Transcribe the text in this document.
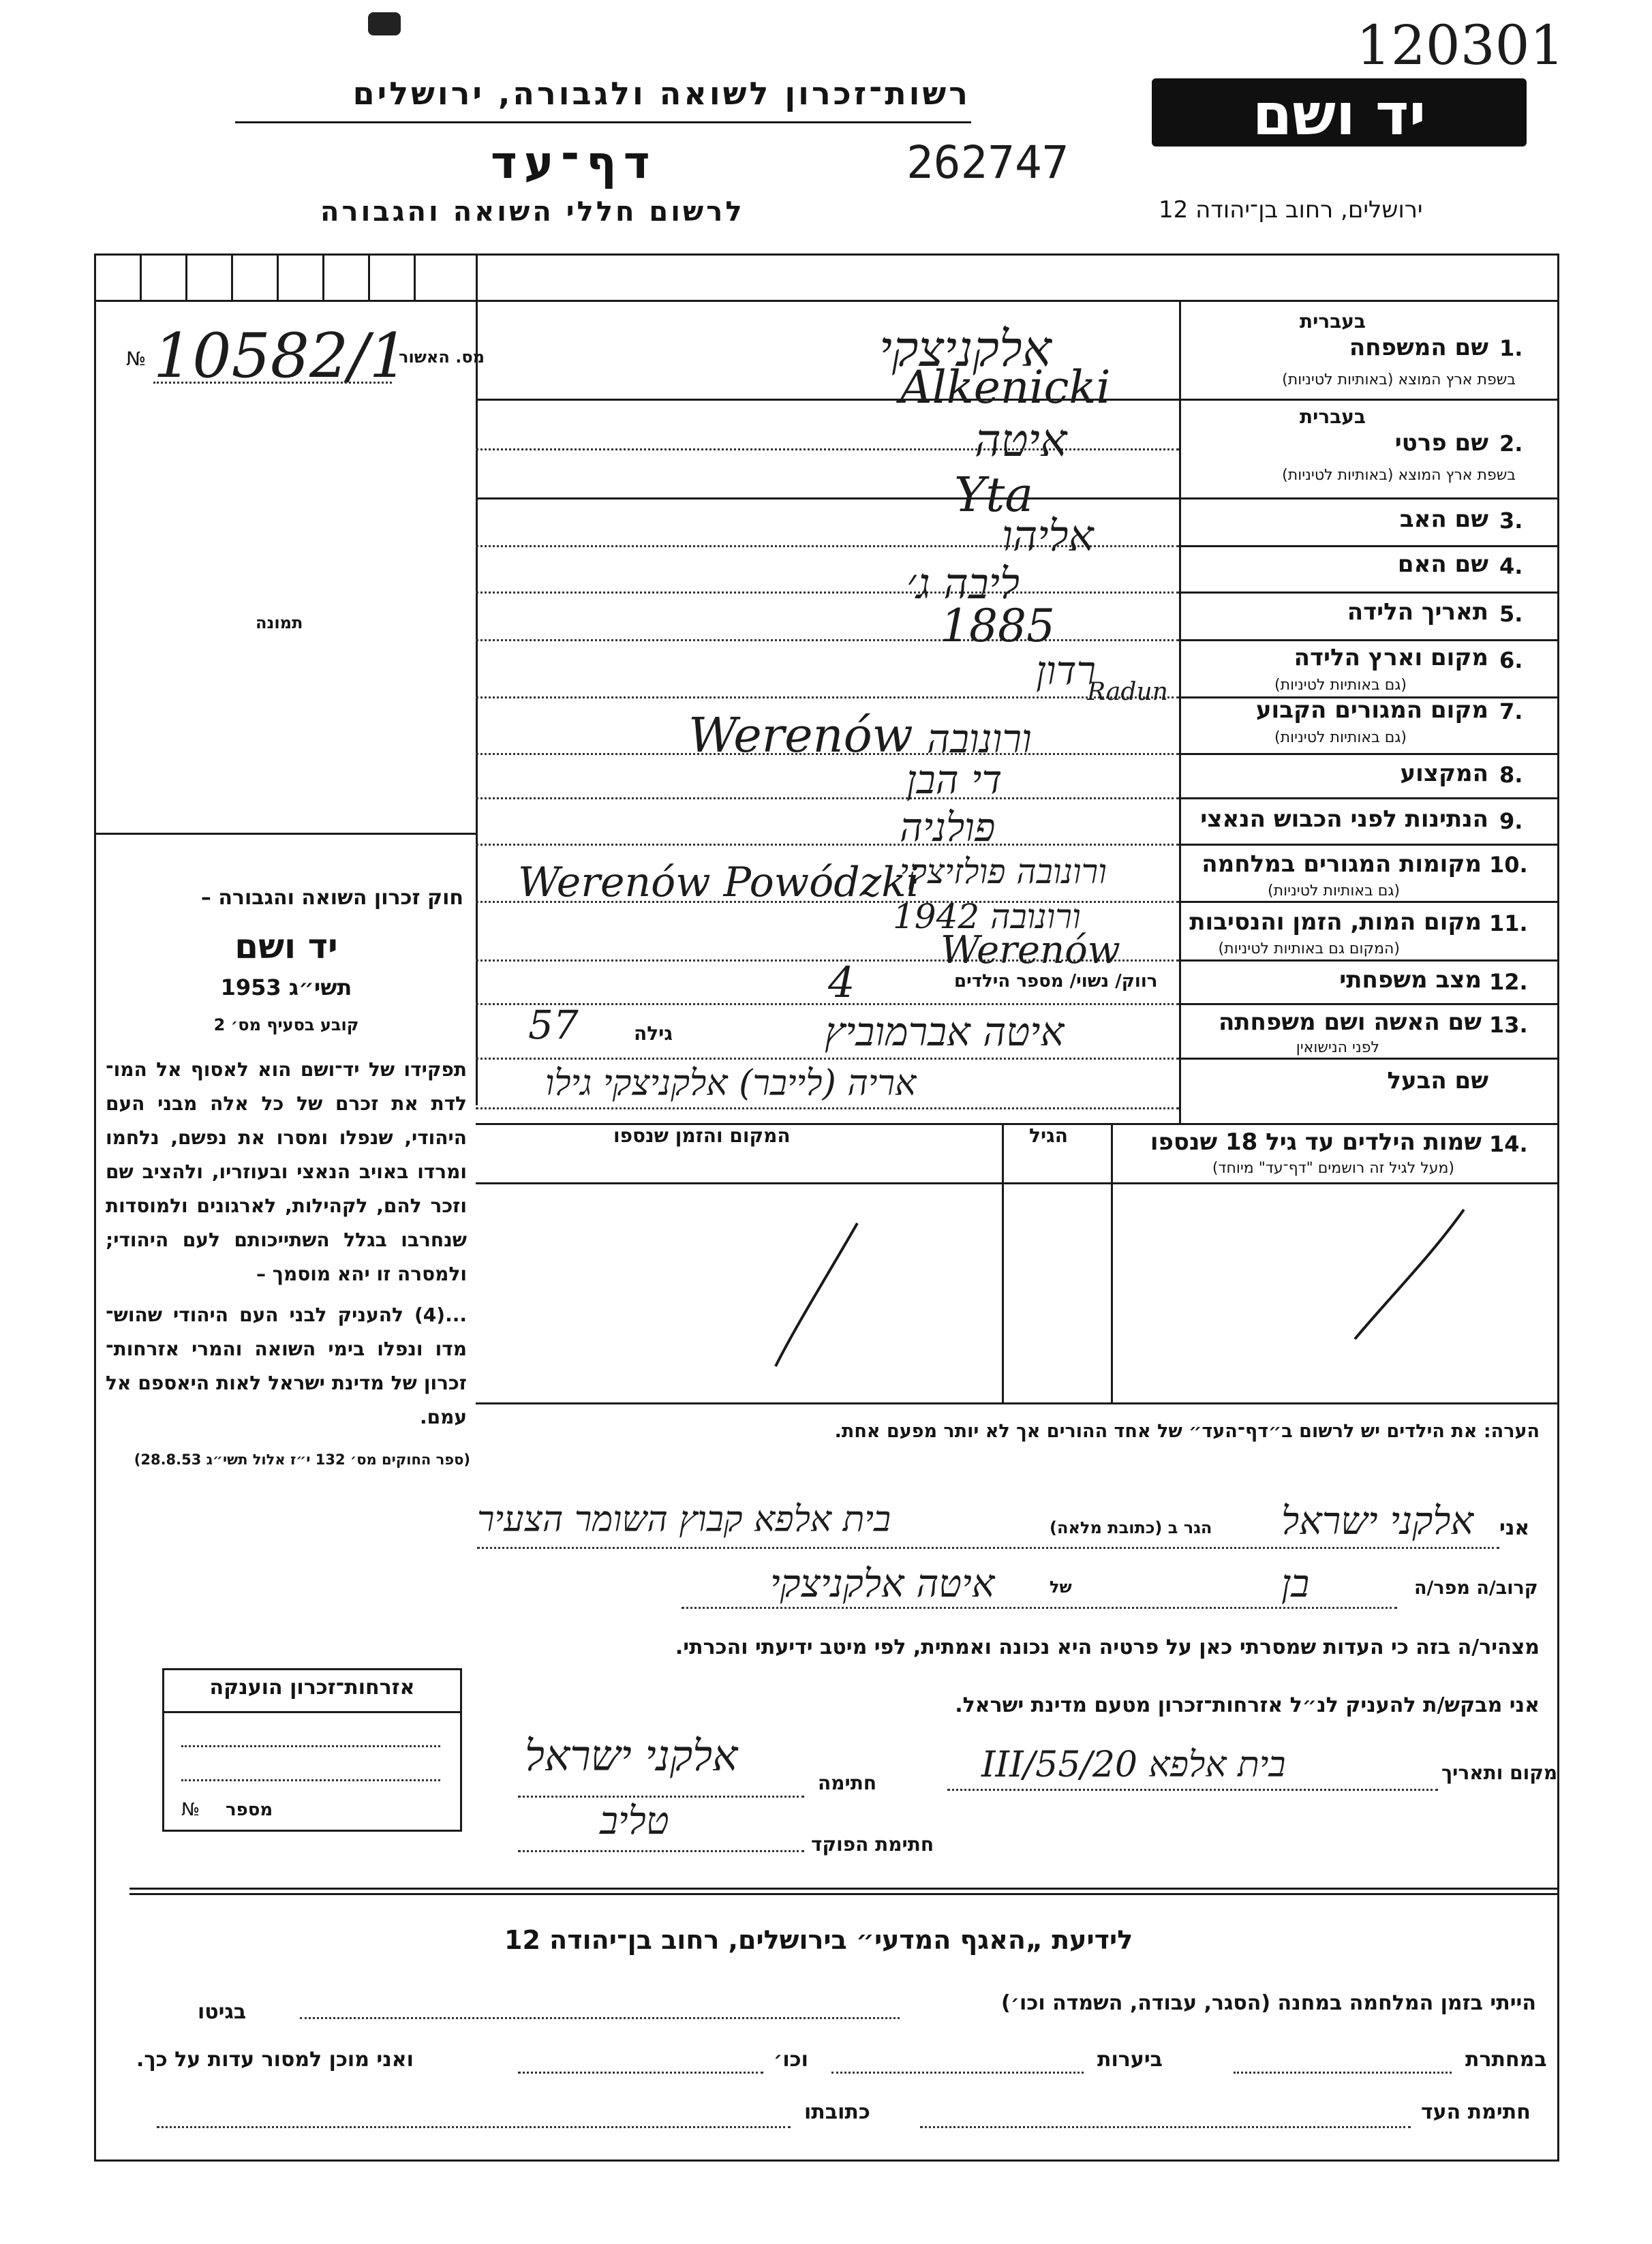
120301
יד ושם
רשות־זכרון לשואה ולגבורה, ירושלים
דף־עד	262747
לרשום חללי השואה והגבורה	ירושלים, רחוב בן־יהודה 12
מס. האשור
№ 10582/1
תמונה
חוק זכרון השואה והגבורה –
יד ושם
תשי״ג 1953
קובע בסעיף מס׳ 2
תפקידו של יד־ושם הוא לאסוף אל המו־ לדת את זכרם של כל אלה מבני העם היהודי, שנפלו ומסרו את נפשם, נלחמו ומרדו באויב הנאצי ובעוזריו, ולהציב שם וזכר להם, לקהילות, לארגונים ולמוסדות שנחרבו בגלל השתייכותם לעם היהודי; ולמסרה זו יהא מוסמך –
...(4) להעניק לבני העם היהודי שהוש־ מדו ונפלו בימי השואה והמרי אזרחות־ זכרון של מדינת ישראל לאות היאספם אל עמם.
(ספר החוקים מס׳ 132 י״ז אלול תשי״ג 28.8.53)
1.
שם המשפחה
בשפת ארץ המוצא (באותיות לטיניות)
בעברית
בעברית
2.
שם פרטי
בשפת ארץ המוצא (באותיות לטיניות)
3.
שם האב
4.
שם האם
5.
תאריך הלידה
6.
מקום וארץ הלידה
(גם באותיות לטיניות)
7.
מקום המגורים הקבוע
(גם באותיות לטיניות)
8.
המקצוע
9.
הנתינות לפני הכבוש הנאצי
10.
מקומות המגורים במלחמה
(גם באותיות לטיניות)
11.
מקום המות, הזמן והנסיבות
(המקום גם באותיות לטיניות)
12.
מצב משפחתי
13.
שם האשה ושם משפחתה
לפני הנישואין
שם הבעל
אלקניצקי
Alkenicki
איטה
Yta
אליהו
ליבה ג׳
1885
רדון
Radun
Werenów ורונובה
די הבן
פולניה
Werenów Powódzki
ורונובה פולזיצקי
ורונובה 1942
Werenów
רווק/ נשוי/ מספר הילדים
4
איטה אברמוביץ
גילה
57
אריה (לייבר) אלקניצקי גילו
14.
שמות הילדים עד גיל 18 שנספו
(מעל לגיל זה רושמים "דף־עד" מיוחד)
הגיל
המקום והזמן שנספו
הערה: את הילדים יש לרשום ב״דף־העד״ של אחד ההורים אך לא יותר מפעם אחת.
אני
אלקני ישראל
הגר ב (כתובת מלאה)
בית אלפא קבוץ השומר הצעיר
קרוב/ה מפר/ה
בן
של
איטה אלקניצקי
מצהיר/ה בזה כי העדות שמסרתי כאן על פרטיה היא נכונה ואמתית, לפי מיטב ידיעתי והכרתי.
אני מבקש/ת להעניק לנ״ל אזרחות־זכרון מטעם מדינת ישראל.
מקום ותאריך
בית אלפא 20/III/55
חתימה
אלקני ישראל
חתימת הפוקד
טליב
אזרחות־זכרון הוענקה
№ מספר
לידיעת „האגף המדעי״ בירושלים, רחוב בן־יהודה 12
הייתי בזמן המלחמה במחנה (הסגר, עבודה, השמדה וכו׳)
בגיטו
במחתרת
ביערות
וכו׳
ואני מוכן למסור עדות על כך.
חתימת העד
כתובתו
